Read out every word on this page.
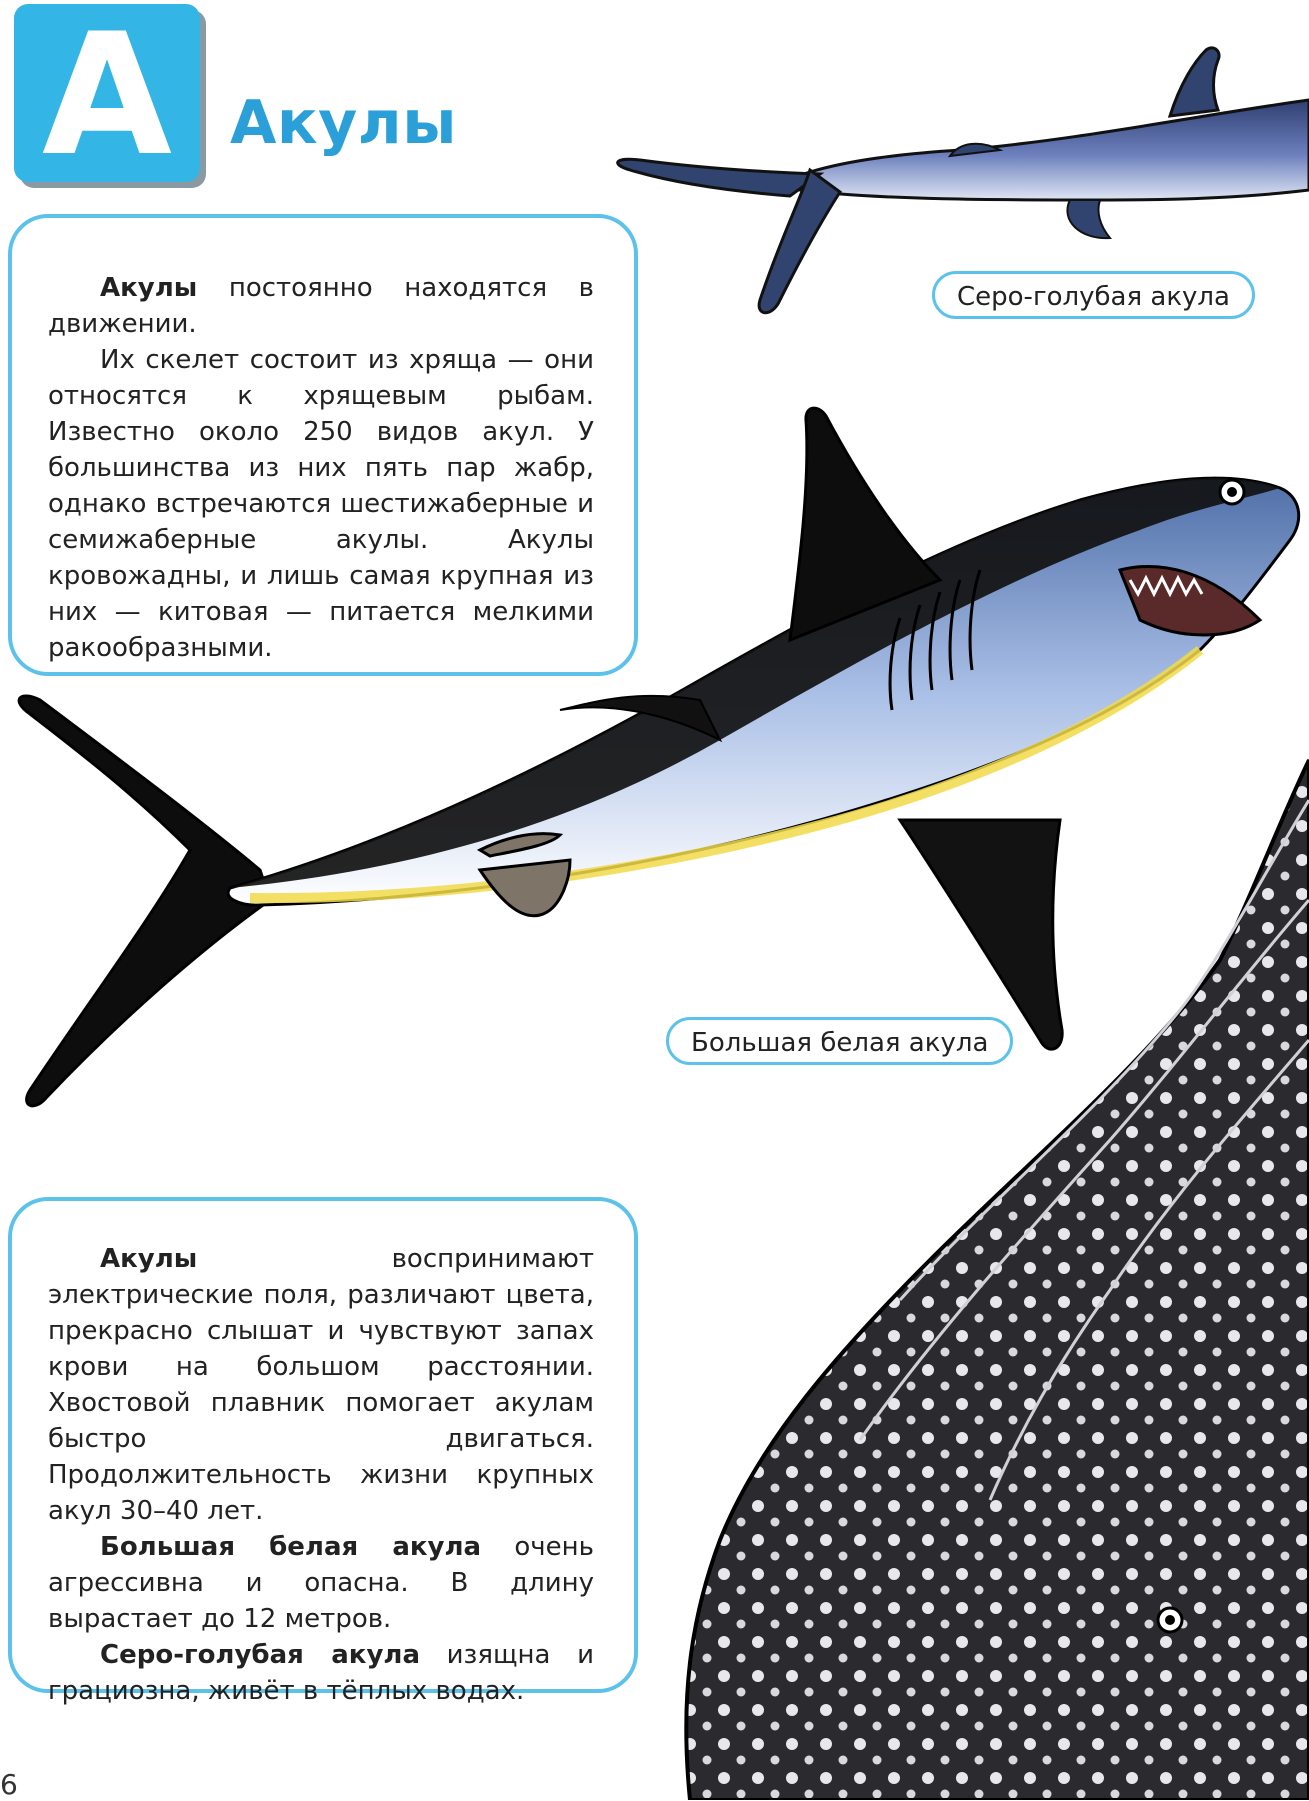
А Акулы

Акулы постоянно находятся в движении.

Их скелет состоит из хряща — они относятся к хрящевым рыбам. Известно около 250 видов акул. У большинства из них пять пар жабр, однако встречаются шестижаберные и семижаберные акулы. Акулы кровожадны, и лишь самая крупная из них — китовая — питается мелкими ракообразными.

Серо-голубая акула
Большая белая акула

Акулы воспринимают электрические поля, различают цвета, прекрасно слышат и чувствуют запах крови на большом расстоянии. Хвостовой плавник помогает акулам быстро двигаться. Продолжительность жизни крупных акул 30–40 лет.

Большая белая акула очень агрессивна и опасна. В длину вырастает до 12 метров.

Серо-голубая акула изящна и грациозна, живёт в тёплых водах.

6
